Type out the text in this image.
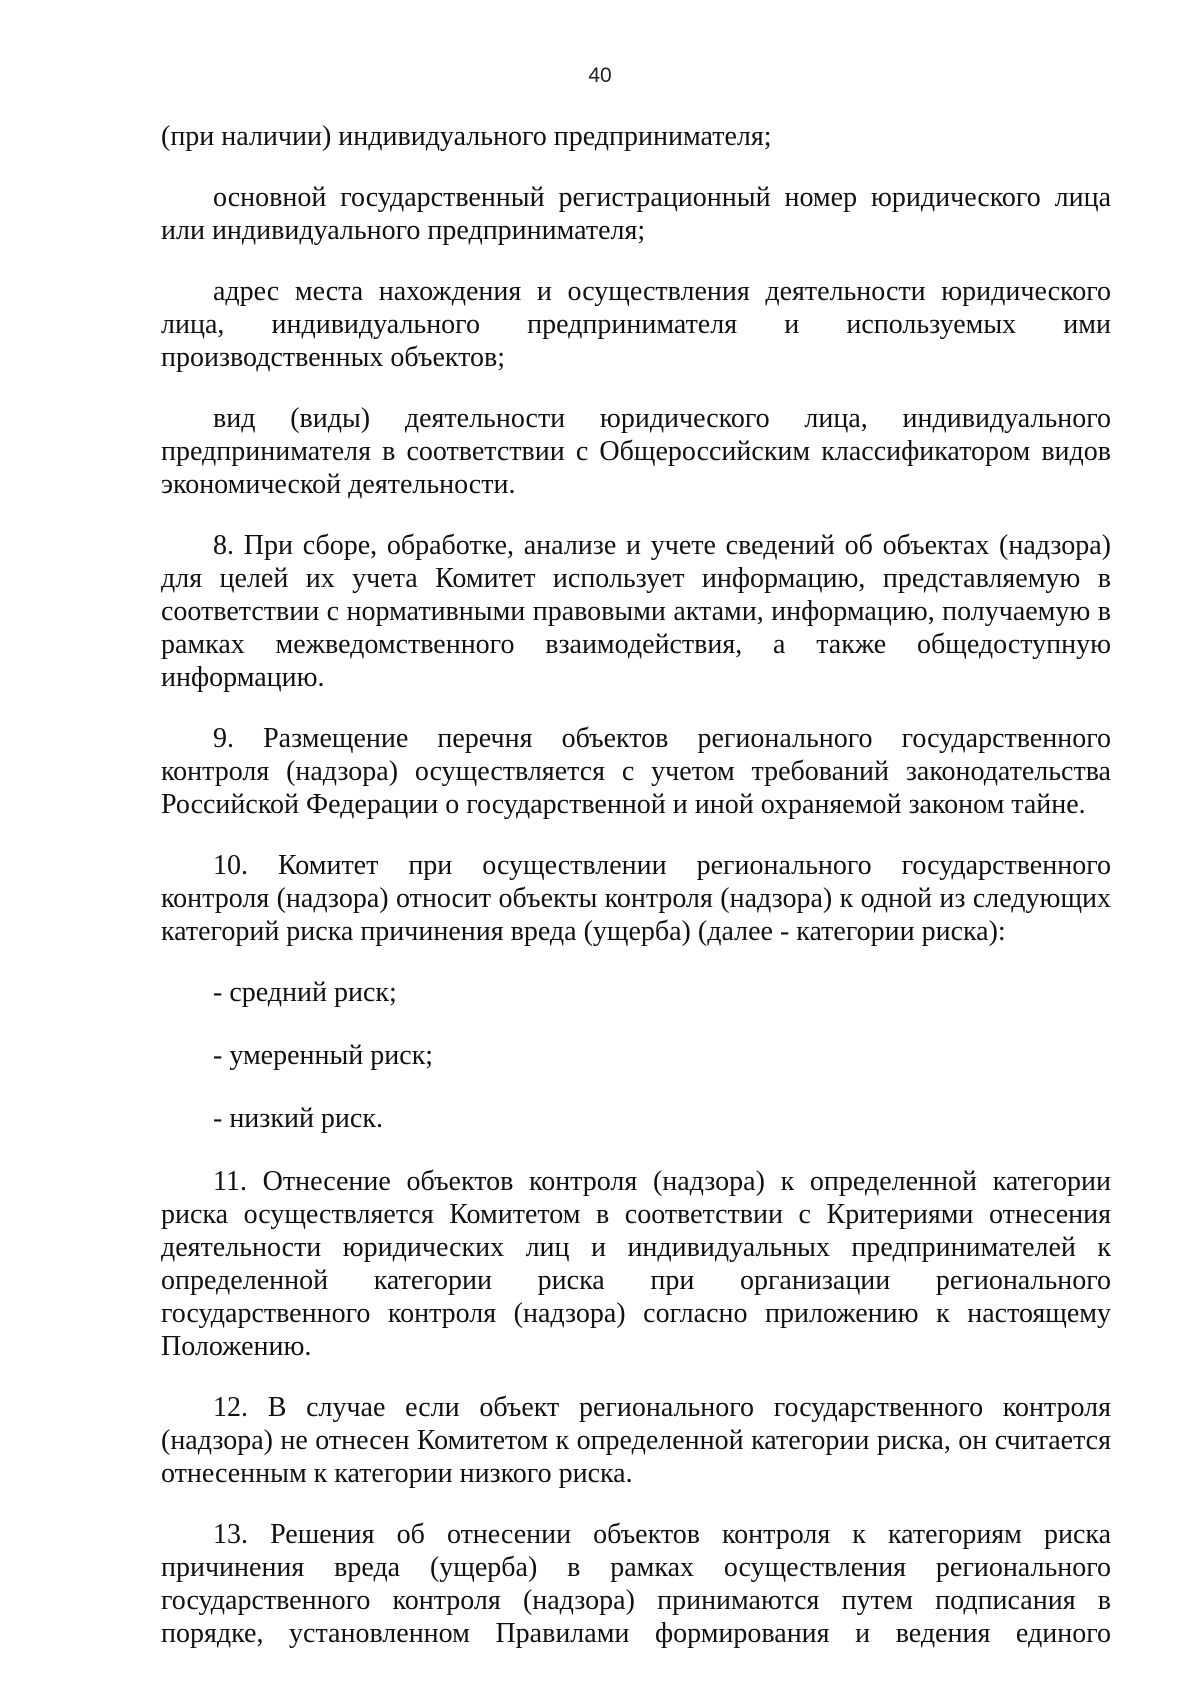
40

(при наличии) индивидуального предпринимателя;

основной государственный регистрационный номер юридического лица или индивидуального предпринимателя;

адрес места нахождения и осуществления деятельности юридического лица, индивидуального предпринимателя и используемых ими производственных объектов;

вид (виды) деятельности юридического лица, индивидуального предпринимателя в соответствии с Общероссийским классификатором видов экономической деятельности.

8. При сборе, обработке, анализе и учете сведений об объектах (надзора) для целей их учета Комитет использует информацию, представляемую в соответствии с нормативными правовыми актами, информацию, получаемую в рамках межведомственного взаимодействия, а также общедоступную информацию.

9. Размещение перечня объектов регионального государственного контроля (надзора) осуществляется с учетом требований законодательства Российской Федерации о государственной и иной охраняемой законом тайне.

10. Комитет при осуществлении регионального государственного контроля (надзора) относит объекты контроля (надзора) к одной из следующих категорий риска причинения вреда (ущерба) (далее - категории риска):

- средний риск;

- умеренный риск;

- низкий риск.

11. Отнесение объектов контроля (надзора) к определенной категории риска осуществляется Комитетом в соответствии с Критериями отнесения деятельности юридических лиц и индивидуальных предпринимателей к определенной категории риска при организации регионального государственного контроля (надзора) согласно приложению к настоящему Положению.

12. В случае если объект регионального государственного контроля (надзора) не отнесен Комитетом к определенной категории риска, он считается отнесенным к категории низкого риска.

13. Решения об отнесении объектов контроля к категориям риска причинения вреда (ущерба) в рамках осуществления регионального государственного контроля (надзора) принимаются путем подписания в порядке, установленном Правилами формирования и ведения единого
